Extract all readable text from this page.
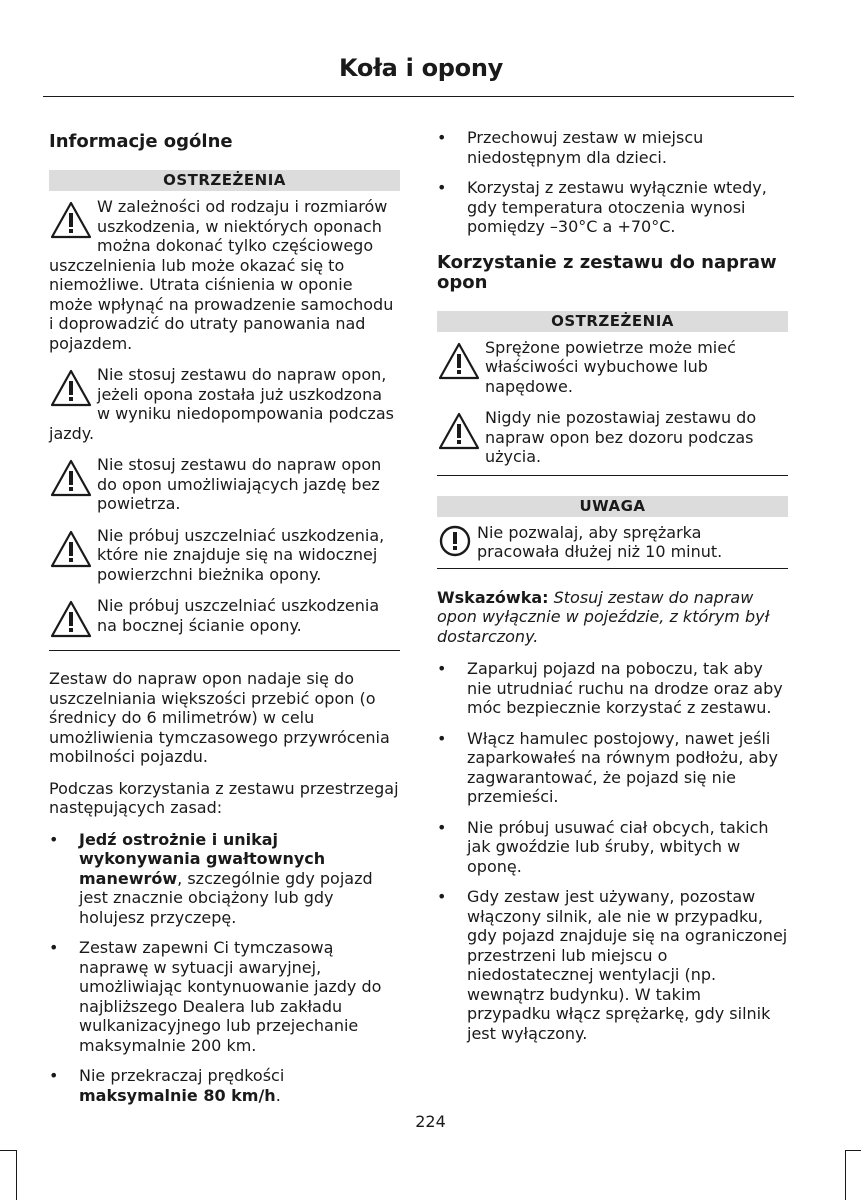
Koła i opony
Informacje ogólne
OSTRZEŻENIA
W zależności od rodzaju i rozmiarów uszkodzenia, w niektórych oponach można dokonać tylko częściowego uszczelnienia lub może okazać się to niemożliwe. Utrata ciśnienia w oponie może wpłynąć na prowadzenie samochodu i doprowadzić do utraty panowania nad pojazdem.
Nie stosuj zestawu do napraw opon, jeżeli opona została już uszkodzona w wyniku niedopompowania podczas jazdy.
Nie stosuj zestawu do napraw opon do opon umożliwiających jazdę bez powietrza.
Nie próbuj uszczelniać uszkodzenia, które nie znajduje się na widocznej powierzchni bieżnika opony.
Nie próbuj uszczelniać uszkodzenia na bocznej ścianie opony.

Zestaw do napraw opon nadaje się do uszczelniania większości przebić opon (o średnicy do 6 milimetrów) w celu umożliwienia tymczasowego przywrócenia mobilności pojazdu.

Podczas korzystania z zestawu przestrzegaj następujących zasad:

• Jedź ostrożnie i unikaj wykonywania gwałtownych manewrów, szczególnie gdy pojazd jest znacznie obciążony lub gdy holujesz przyczepę.
• Zestaw zapewni Ci tymczasową naprawę w sytuacji awaryjnej, umożliwiając kontynuowanie jazdy do najbliższego Dealera lub zakładu wulkanizacyjnego lub przejechanie maksymalnie 200 km.
• Nie przekraczaj prędkości
maksymalnie 80 km/h.
• Przechowuj zestaw w miejscu niedostępnym dla dzieci.
• Korzystaj z zestawu wyłącznie wtedy, gdy temperatura otoczenia wynosi pomiędzy –30°C a +70°C.
Korzystanie z zestawu do napraw opon
OSTRZEŻENIA
Sprężone powietrze może mieć właściwości wybuchowe lub napędowe.
Nigdy nie pozostawiaj zestawu do napraw opon bez dozoru podczas użycia.
UWAGA
Nie pozwalaj, aby sprężarka pracowała dłużej niż 10 minut.

Wskazówka: Stosuj zestaw do napraw opon wyłącznie w pojeździe, z którym był dostarczony.

• Zaparkuj pojazd na poboczu, tak aby nie utrudniać ruchu na drodze oraz aby móc bezpiecznie korzystać z zestawu.
• Włącz hamulec postojowy, nawet jeśli zaparkowałeś na równym podłożu, aby zagwarantować, że pojazd się nie przemieści.
• Nie próbuj usuwać ciał obcych, takich jak gwoździe lub śruby, wbitych w oponę.
• Gdy zestaw jest używany, pozostaw włączony silnik, ale nie w przypadku, gdy pojazd znajduje się na ograniczonej przestrzeni lub miejscu o niedostatecznej wentylacji (np. wewnątrz budynku). W takim przypadku włącz sprężarkę, gdy silnik jest wyłączony.
224
